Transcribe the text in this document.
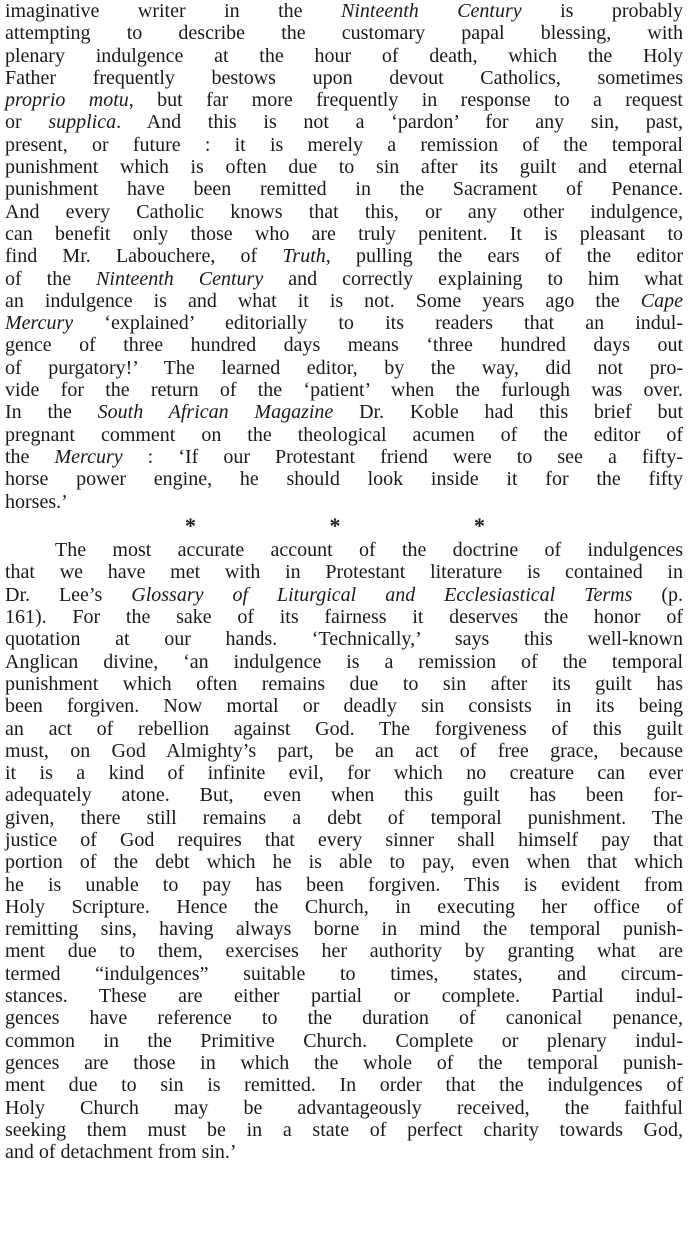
imaginative writer in the Ninteenth Century is probably
attempting to describe the customary papal blessing, with
plenary indulgence at the hour of death, which the Holy
Father frequently bestows upon devout Catholics, sometimes
proprio motu, but far more frequently in response to a request
or supplica. And this is not a ‘pardon’ for any sin, past,
present, or future : it is merely a remission of the temporal
punishment which is often due to sin after its guilt and eternal
punishment have been remitted in the Sacrament of Penance.
And every Catholic knows that this, or any other indulgence,
can benefit only those who are truly penitent. It is pleasant to
find Mr. Labouchere, of Truth, pulling the ears of the editor
of the Ninteenth Century and correctly explaining to him what
an indulgence is and what it is not. Some years ago the Cape
Mercury ‘explained’ editorially to its readers that an indul-
gence of three hundred days means ‘three hundred days out
of purgatory!’ The learned editor, by the way, did not pro-
vide for the return of the ‘patient’ when the furlough was over.
In the South African Magazine Dr. Koble had this brief but
pregnant comment on the theological acumen of the editor of
the Mercury : ‘If our Protestant friend were to see a fifty-
horse power engine, he should look inside it for the fifty
horses.’
*	*	*
The most accurate account of the doctrine of indulgences
that we have met with in Protestant literature is contained in
Dr. Lee’s Glossary of Liturgical and Ecclesiastical Terms (p.
161). For the sake of its fairness it deserves the honor of
quotation at our hands. ‘Technically,’ says this well-known
Anglican divine, ‘an indulgence is a remission of the temporal
punishment which often remains due to sin after its guilt has
been forgiven. Now mortal or deadly sin consists in its being
an act of rebellion against God. The forgiveness of this guilt
must, on God Almighty’s part, be an act of free grace, because
it is a kind of infinite evil, for which no creature can ever
adequately atone. But, even when this guilt has been for-
given, there still remains a debt of temporal punishment. The
justice of God requires that every sinner shall himself pay that
portion of the debt which he is able to pay, even when that which
he is unable to pay has been forgiven. This is evident from
Holy Scripture. Hence the Church, in executing her office of
remitting sins, having always borne in mind the temporal punish-
ment due to them, exercises her authority by granting what are
termed “indulgences” suitable to times, states, and circum-
stances. These are either partial or complete. Partial indul-
gences have reference to the duration of canonical penance,
common in the Primitive Church. Complete or plenary indul-
gences are those in which the whole of the temporal punish-
ment due to sin is remitted. In order that the indulgences of
Holy Church may be advantageously received, the faithful
seeking them must be in a state of perfect charity towards God,
and of detachment from sin.’
